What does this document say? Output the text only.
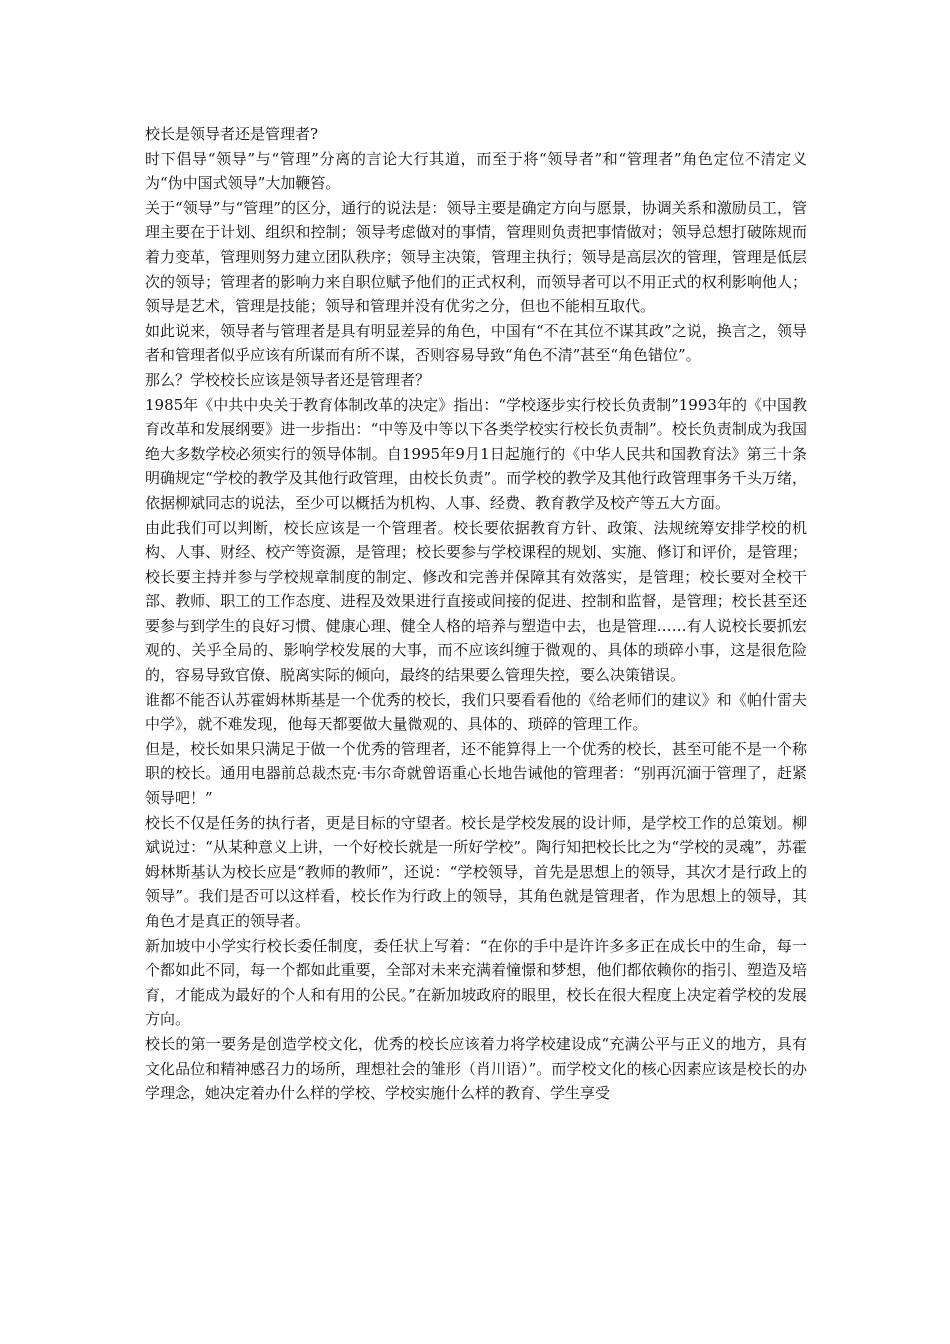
校长是领导者还是管理者?

时下倡导“领导”与“管理”分离的言论大行其道，而至于将“领导者”和“管理者”角色定位不清定义为“伪中国式领导”大加鞭笞。

关于“领导”与“管理”的区分，通行的说法是：领导主要是确定方向与愿景，协调关系和激励员工，管理主要在于计划、组织和控制；领导考虑做对的事情，管理则负责把事情做对；领导总想打破陈规而着力变革，管理则努力建立团队秩序；领导主决策，管理主执行；领导是高层次的管理，管理是低层次的领导；管理者的影响力来自职位赋予他们的正式权利，而领导者可以不用正式的权利影响他人；领导是艺术，管理是技能；领导和管理并没有优劣之分，但也不能相互取代。

如此说来，领导者与管理者是具有明显差异的角色，中国有“不在其位不谋其政”之说，换言之，领导者和管理者似乎应该有所谋而有所不谋，否则容易导致“角色不清”甚至“角色错位”。

那么？学校校长应该是领导者还是管理者？

1985年《中共中央关于教育体制改革的决定》指出：“学校逐步实行校长负责制”1993年的《中国教育改革和发展纲要》进一步指出：“中等及中等以下各类学校实行校长负责制”。校长负责制成为我国绝大多数学校必须实行的领导体制。自1995年9月1日起施行的《中华人民共和国教育法》第三十条明确规定“学校的教学及其他行政管理，由校长负责”。而学校的教学及其他行政管理事务千头万绪，依据柳斌同志的说法，至少可以概括为机构、人事、经费、教育教学及校产等五大方面。

由此我们可以判断，校长应该是一个管理者。校长要依据教育方针、政策、法规统筹安排学校的机构、人事、财经、校产等资源，是管理；校长要参与学校课程的规划、实施、修订和评价，是管理；校长要主持并参与学校规章制度的制定、修改和完善并保障其有效落实，是管理；校长要对全校干部、教师、职工的工作态度、进程及效果进行直接或间接的促进、控制和监督，是管理；校长甚至还要参与到学生的良好习惯、健康心理、健全人格的培养与塑造中去，也是管理……有人说校长要抓宏观的、关乎全局的、影响学校发展的大事，而不应该纠缠于微观的、具体的琐碎小事，这是很危险的，容易导致官僚、脱离实际的倾向，最终的结果要么管理失控，要么决策错误。

谁都不能否认苏霍姆林斯基是一个优秀的校长，我们只要看看他的《给老师们的建议》和《帕什雷夫中学》，就不难发现，他每天都要做大量微观的、具体的、琐碎的管理工作。

但是，校长如果只满足于做一个优秀的管理者，还不能算得上一个优秀的校长，甚至可能不是一个称职的校长。通用电器前总裁杰克·韦尔奇就曾语重心长地告诫他的管理者：“别再沉湎于管理了，赶紧领导吧！”

校长不仅是任务的执行者，更是目标的守望者。校长是学校发展的设计师，是学校工作的总策划。柳斌说过：“从某种意义上讲，一个好校长就是一所好学校”。陶行知把校长比之为“学校的灵魂”，苏霍姆林斯基认为校长应是“教师的教师”，还说：“学校领导，首先是思想上的领导，其次才是行政上的领导”。我们是否可以这样看，校长作为行政上的领导，其角色就是管理者，作为思想上的领导，其角色才是真正的领导者。

新加坡中小学实行校长委任制度，委任状上写着：“在你的手中是许许多多正在成长中的生命，每一个都如此不同，每一个都如此重要，全部对未来充满着憧憬和梦想，他们都依赖你的指引、塑造及培育，才能成为最好的个人和有用的公民。”在新加坡政府的眼里，校长在很大程度上决定着学校的发展方向。

校长的第一要务是创造学校文化，优秀的校长应该着力将学校建设成“充满公平与正义的地方，具有文化品位和精神感召力的场所，理想社会的雏形（肖川语）”。而学校文化的核心因素应该是校长的办学理念，她决定着办什么样的学校、学校实施什么样的教育、学生享受
